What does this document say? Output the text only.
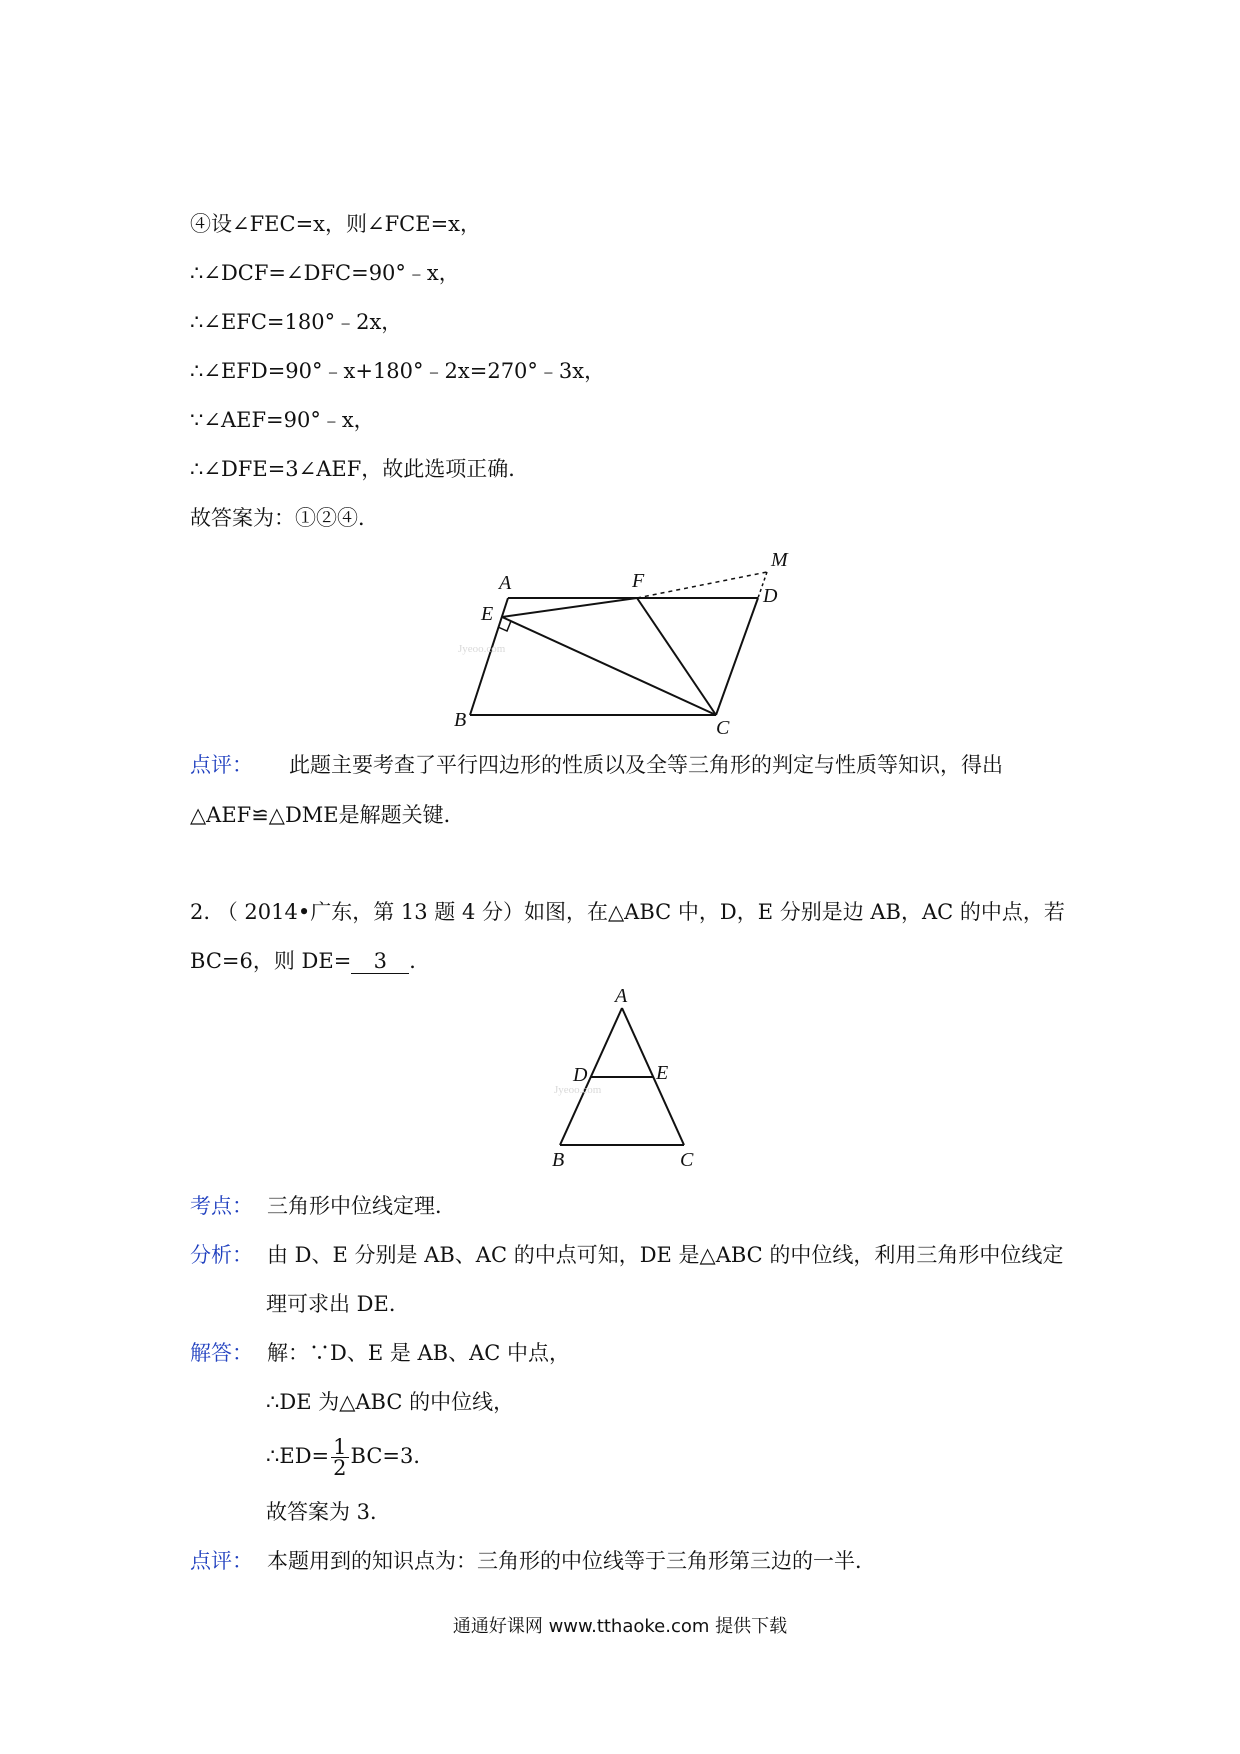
④设∠FEC=x，则∠FCE=x，
∴∠DCF=∠DFC=90°﹣x，
∴∠EFC=180°﹣2x，
∴∠EFD=90°﹣x+180°﹣2x=270°﹣3x，
∵∠AEF=90°﹣x，
∴∠DFE=3∠AEF，故此选项正确．
故答案为：①②④．
Jyeoo.com
A
B	C
D
E
F
M
点评： 此题主要考查了平行四边形的性质以及全等三角形的判定与性质等知识，得出
△AEF≌△DME是解题关键．
2. （ 2014•广东，第 13 题 4 分）如图，在△ABC 中，D，E 分别是边 AB，AC 的中点，若
BC=6，则 DE= 3 ．
Jyeoo.com
A
B	C
D	E
考点： 三角形中位线定理．
分析： 由 D、E 分别是 AB、AC 的中点可知，DE 是△ABC 的中位线，利用三角形中位线定
理可求出 DE．
解答： 解：∵D、E 是 AB、AC 中点，
∴DE 为△ABC 的中位线，
∴ED= $\frac{1}{2} BC=3$．
故答案为 3．
点评： 本题用到的知识点为：三角形的中位线等于三角形第三边的一半．
通通好课网 www.tthaoke.com 提供下载
